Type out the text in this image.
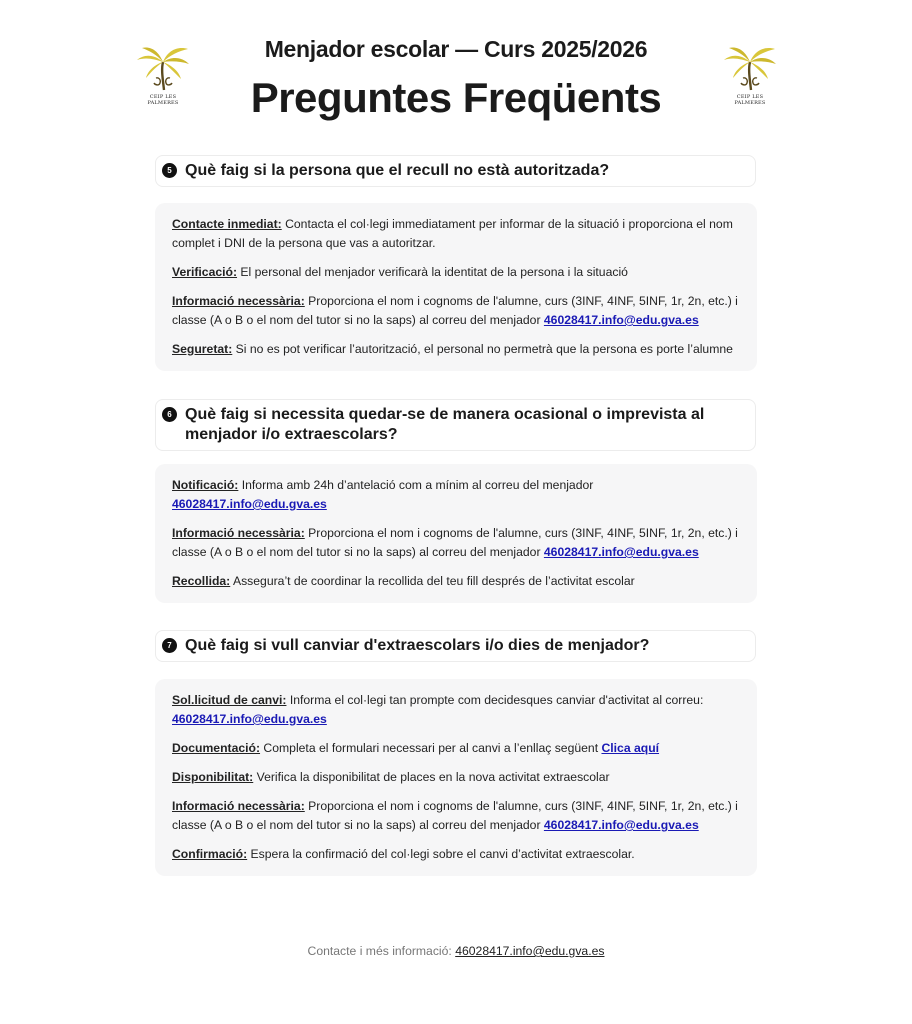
CEIP LES PALMERES
CEIP LES PALMERES
Menjador escolar — Curs 2025/2026
Preguntes Freqüents
5 Què faig si la persona que el recull no està autoritzada?
Contacte inmediat: Contacta el col·legi immediatament per informar de la situació i proporciona el nom complet i DNI de la persona que vas a autoritzar.
Verificació: El personal del menjador verificarà la identitat de la persona i la situació
Informació necessària: Proporciona el nom i cognoms de l'alumne, curs (3INF, 4INF, 5INF, 1r, 2n, etc.) i classe (A o B o el nom del tutor si no la saps) al correu del menjador 46028417.info@edu.gva.es
Seguretat: Si no es pot verificar l’autorització, el personal no permetrà que la persona es porte l’alumne
6 Què faig si necessita quedar-se de manera ocasional o imprevista al menjador i/o extraescolars?
Notificació: Informa amb 24h d’antelació com a mínim al correu del menjador 46028417.info@edu.gva.es
Informació necessària: Proporciona el nom i cognoms de l'alumne, curs (3INF, 4INF, 5INF, 1r, 2n, etc.) i classe (A o B o el nom del tutor si no la saps) al correu del menjador 46028417.info@edu.gva.es
Recollida: Assegura’t de coordinar la recollida del teu fill després de l’activitat escolar
7 Què faig si vull canviar d'extraescolars i/o dies de menjador?
Sol.licitud de canvi: Informa el col·legi tan prompte com decidesques canviar d'activitat al correu: 46028417.info@edu.gva.es
Documentació: Completa el formulari necessari per al canvi a l’enllaç següent Clica aquí
Disponibilitat: Verifica la disponibilitat de places en la nova activitat extraescolar
Informació necessària: Proporciona el nom i cognoms de l'alumne, curs (3INF, 4INF, 5INF, 1r, 2n, etc.) i classe (A o B o el nom del tutor si no la saps) al correu del menjador 46028417.info@edu.gva.es
Confirmació: Espera la confirmació del col·legi sobre el canvi d’activitat extraescolar.
Contacte i més informació: 46028417.info@edu.gva.es
